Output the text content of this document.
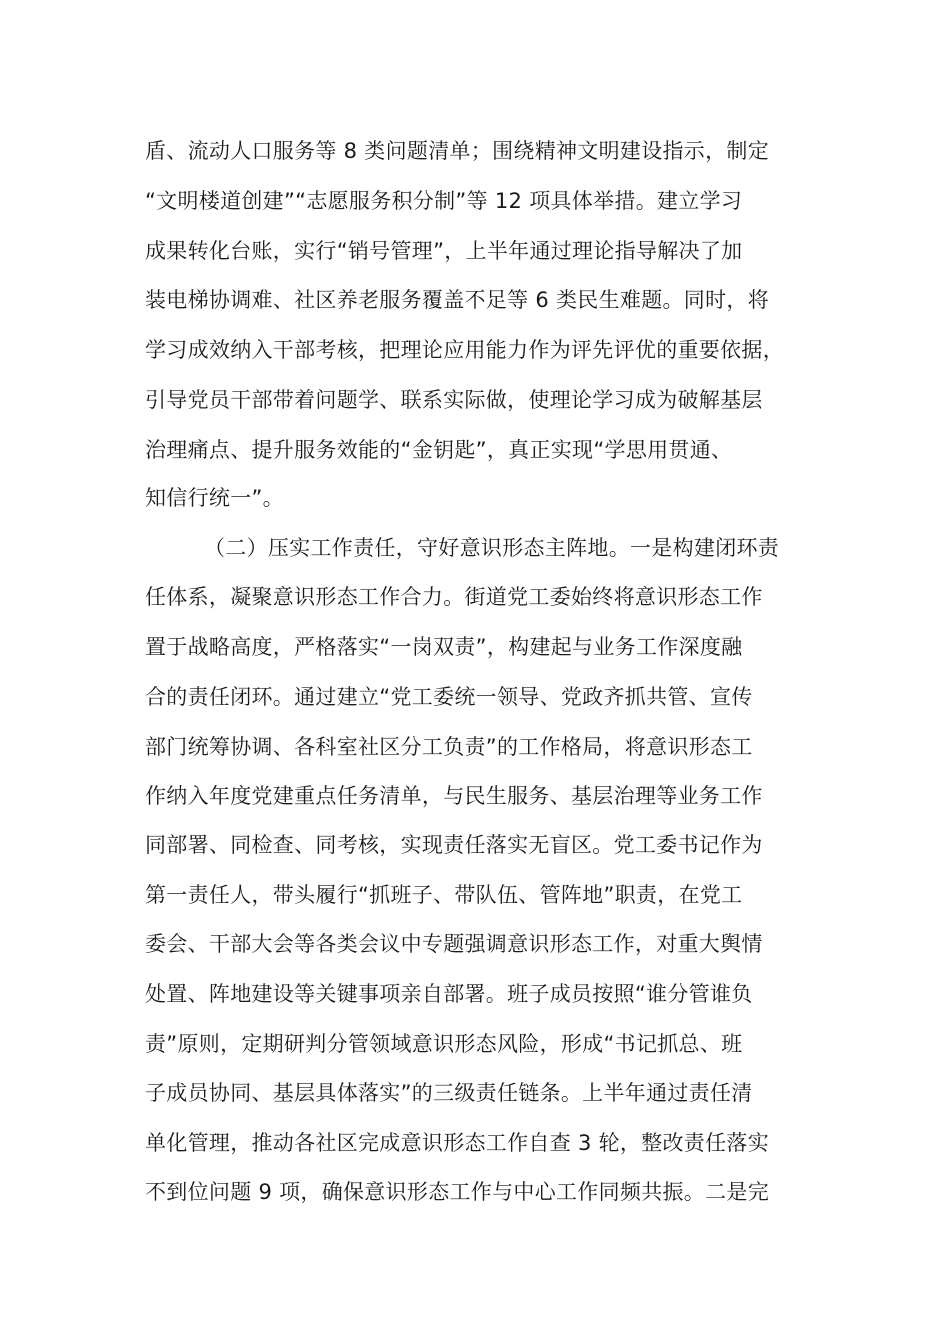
盾、流动人口服务等 8 类问题清单；围绕精神文明建设指示，制定
“文明楼道创建”“志愿服务积分制”等 12 项具体举措。建立学习
成果转化台账，实行“销号管理”，上半年通过理论指导解决了加
装电梯协调难、社区养老服务覆盖不足等 6 类民生难题。同时，将
学习成效纳入干部考核，把理论应用能力作为评先评优的重要依据，
引导党员干部带着问题学、联系实际做，使理论学习成为破解基层
治理痛点、提升服务效能的“金钥匙”，真正实现“学思用贯通、
知信行统一”。
（二）压实工作责任，守好意识形态主阵地。一是构建闭环责
任体系，凝聚意识形态工作合力。街道党工委始终将意识形态工作
置于战略高度，严格落实“一岗双责”，构建起与业务工作深度融
合的责任闭环。通过建立“党工委统一领导、党政齐抓共管、宣传
部门统筹协调、各科室社区分工负责”的工作格局，将意识形态工
作纳入年度党建重点任务清单，与民生服务、基层治理等业务工作
同部署、同检查、同考核，实现责任落实无盲区。党工委书记作为
第一责任人，带头履行“抓班子、带队伍、管阵地”职责，在党工
委会、干部大会等各类会议中专题强调意识形态工作，对重大舆情
处置、阵地建设等关键事项亲自部署。班子成员按照“谁分管谁负
责”原则，定期研判分管领域意识形态风险，形成“书记抓总、班
子成员协同、基层具体落实”的三级责任链条。上半年通过责任清
单化管理，推动各社区完成意识形态工作自查 3 轮，整改责任落实
不到位问题 9 项，确保意识形态工作与中心工作同频共振。二是完
